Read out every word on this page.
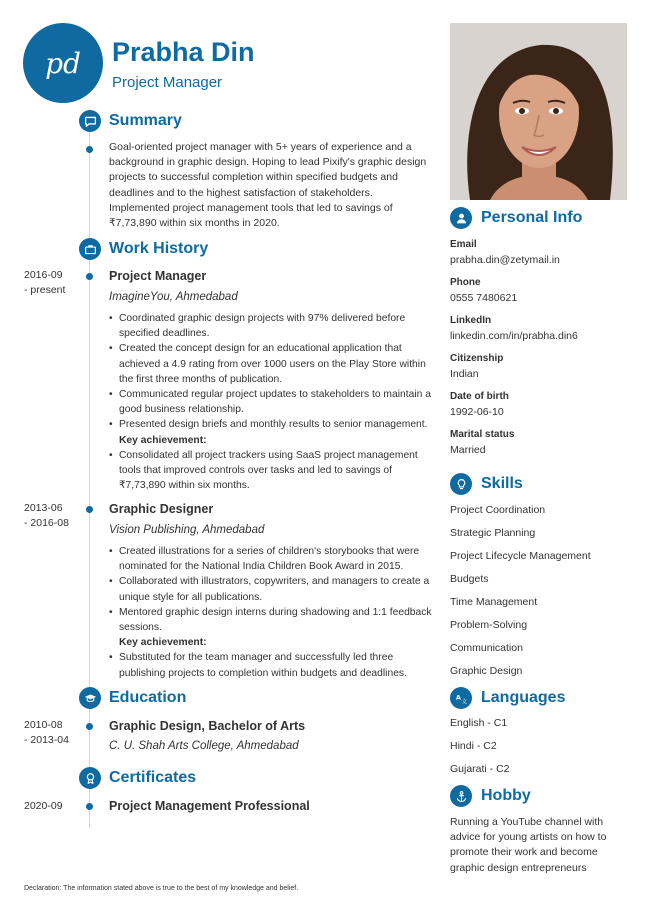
pd Prabha Din
Project Manager
Summary
Goal-oriented project manager with 5+ years of experience and a background in graphic design. Hoping to lead Pixify's graphic design projects to successful completion within specified budgets and deadlines and to the highest satisfaction of stakeholders. Implemented project management tools that led to savings of ₹7,73,890 within six months in 2020.
Work History
2016-09
- present
Project Manager
ImagineYou, Ahmedabad
• Coordinated graphic design projects with 97% delivered before specified deadlines.
• Created the concept design for an educational application that achieved a 4.9 rating from over 1000 users on the Play Store within the first three months of publication.
• Communicated regular project updates to stakeholders to maintain a good business relationship.
• Presented design briefs and monthly results to senior management.
Key achievement:
• Consolidated all project trackers using SaaS project management tools that improved controls over tasks and led to savings of ₹7,73,890 within six months.
2013-06
- 2016-08
Graphic Designer
Vision Publishing, Ahmedabad
• Created illustrations for a series of children's storybooks that were nominated for the National India Children Book Award in 2015.
• Collaborated with illustrators, copywriters, and managers to create a unique style for all publications.
• Mentored graphic design interns during shadowing and 1:1 feedback sessions.
Key achievement:
• Substituted for the team manager and successfully led three publishing projects to completion within budgets and deadlines.
Education
2010-08
- 2013-04
Graphic Design, Bachelor of Arts
C. U. Shah Arts College, Ahmedabad
Certificates
2020-09	Project Management Professional
Personal Info
Email
prabha.din@zetymail.in
Phone
0555 7480621
LinkedIn
linkedin.com/in/prabha.din6
Citizenship
Indian
Date of birth
1992-06-10
Marital status
Married
Skills
Project Coordination
Strategic Planning
Project Lifecycle Management
Budgets
Time Management
Problem-Solving
Communication
Graphic Design
A
文 Languages
English - C1
Hindi - C2
Gujarati - C2
Hobby
Running a YouTube channel with advice for young artists on how to promote their work and become graphic design entrepreneurs
Declaration: The information stated above is true to the best of my knowledge and belief.
